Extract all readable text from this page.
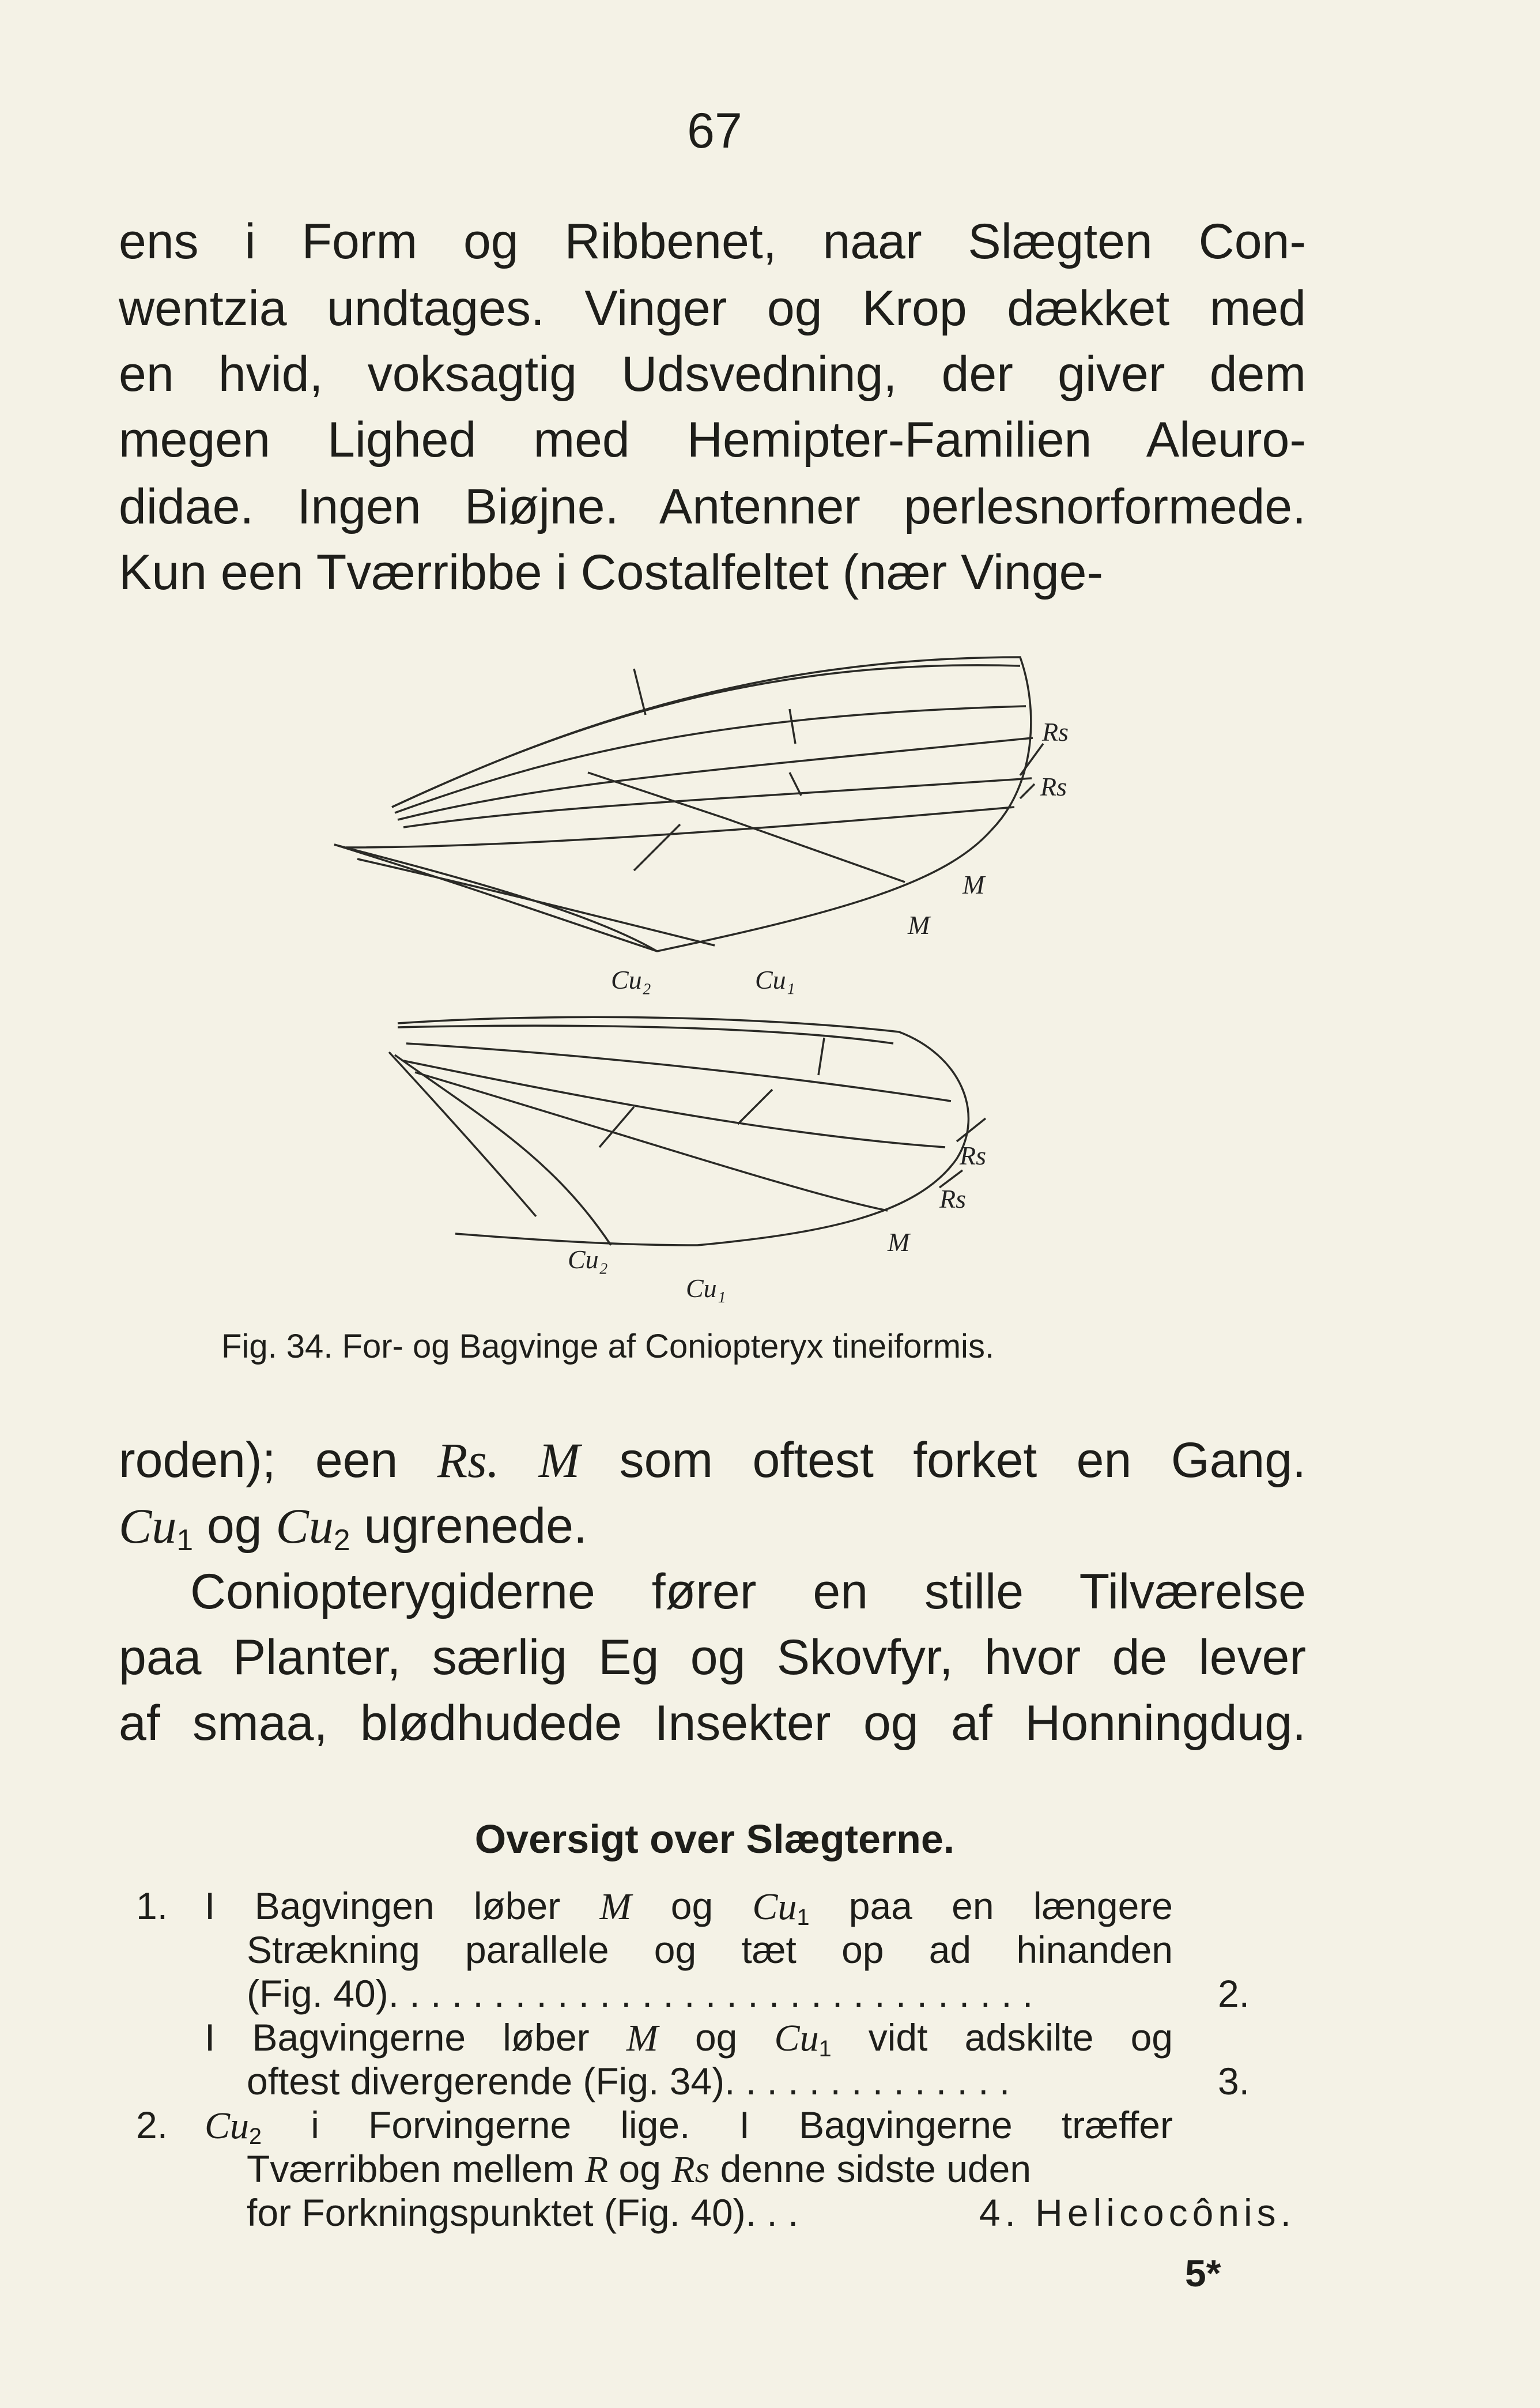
67
ens i Form og Ribbenet, naar Slægten Con-
wentzia undtages. Vinger og Krop dækket med
en hvid, voksagtig Udsvedning, der giver dem
megen Lighed med Hemipter-Familien Aleuro-
didae. Ingen Biøjne. Antenner perlesnorformede.
Kun een Tværribbe i Costalfeltet (nær Vinge-
Rs
Rs
M
M
Cu₂	Cu₁
Rs
Rs
M
Cu₂
Cu₁
Fig. 34. For- og Bagvinge af Coniopteryx tineiformis.
roden); een Rs. M som oftest forket en Gang.
$Cu_1$ og $Cu_2$ ugrenede.
Coniopterygiderne fører en stille Tilværelse
paa Planter, særlig Eg og Skovfyr, hvor de lever
af smaa, blødhudede Insekter og af Honningdug.
Oversigt over Slægterne.
1. I Bagvingen løber M og $Cu_1$ paa en længere
Strækning parallele og tæt op ad hinanden
(Fig. 40). . . . . . . . . . . . . . . . . . . . . . . . . . . . . . .	2.
I Bagvingerne løber M og $Cu_1$ vidt adskilte og
oftest divergerende (Fig. 34). . . . . . . . . . . . . .	3.
2. $Cu_2$ i Forvingerne lige. I Bagvingerne træffer
Tværribben mellem R og Rs denne sidste uden
for Forkningspunktet (Fig. 40). . .	4. Helicocônis.
5*
